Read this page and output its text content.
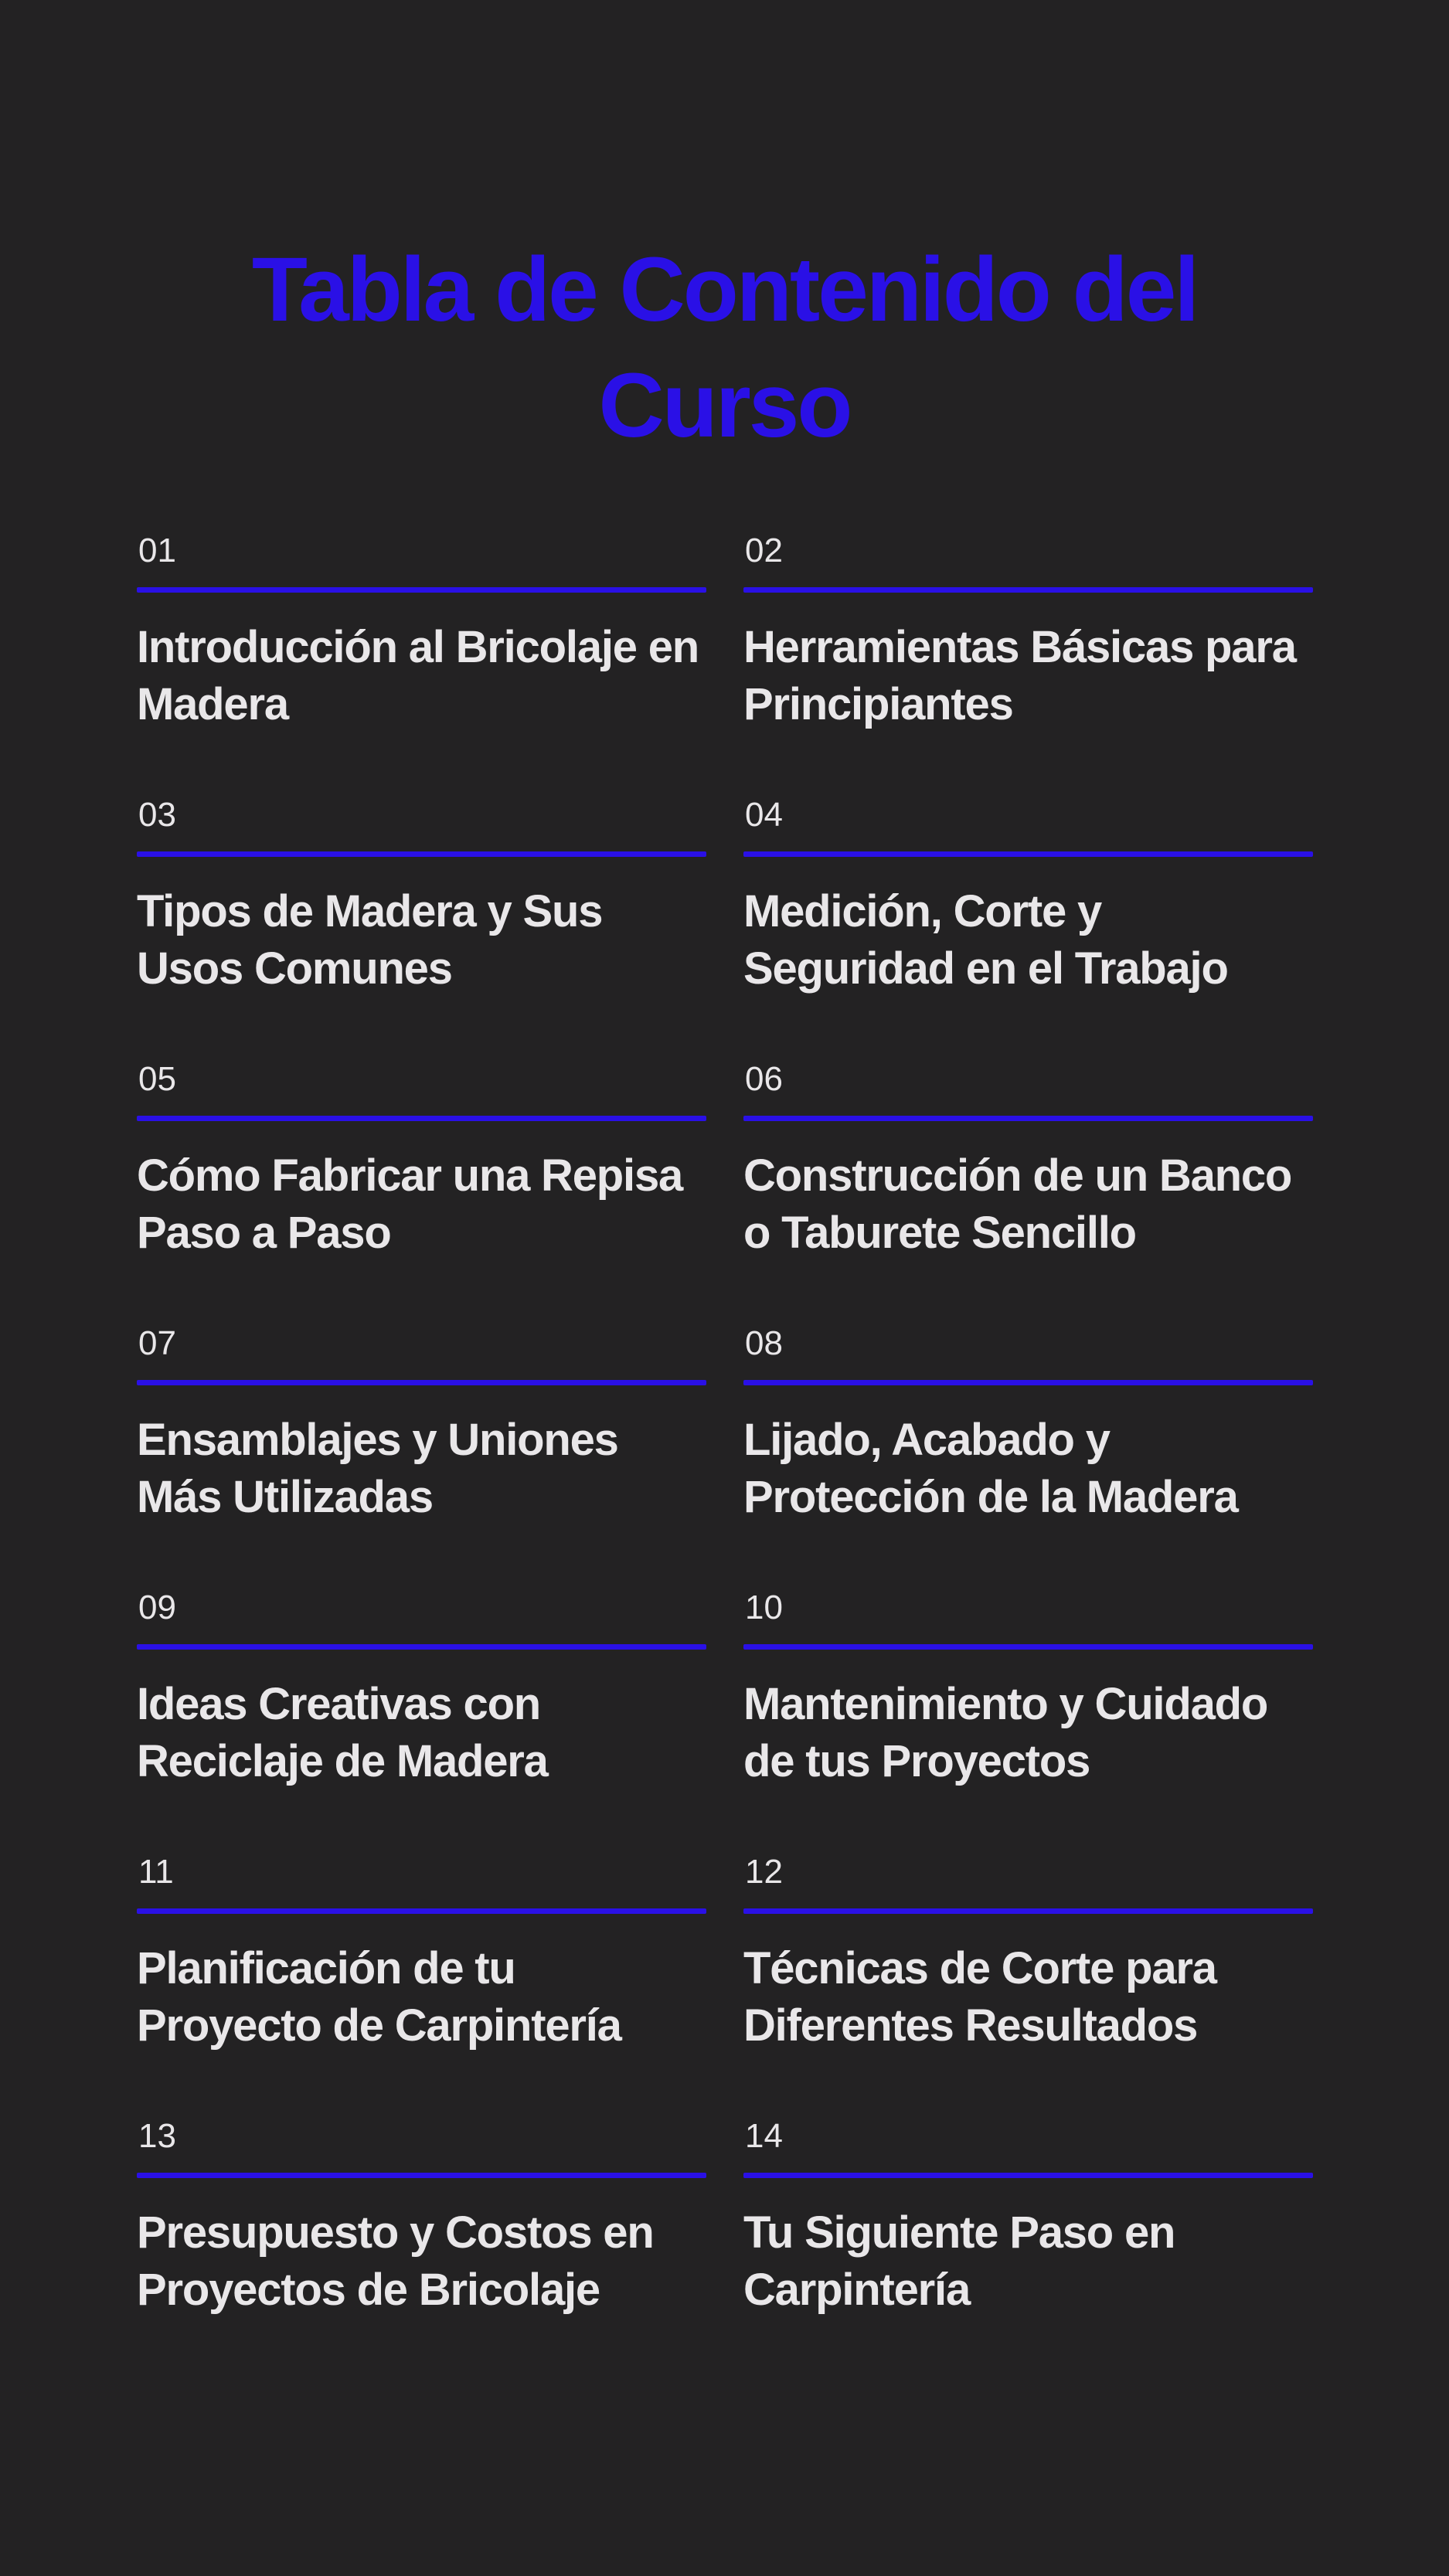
Tabla de Contenido del Curso
01
Introducción al Bricolaje en Madera
02
Herramientas Básicas para Principiantes
03
Tipos de Madera y Sus Usos Comunes
04
Medición, Corte y Seguridad en el Trabajo
05
Cómo Fabricar una Repisa Paso a Paso
06
Construcción de un Banco o Taburete Sencillo
07
Ensamblajes y Uniones Más Utilizadas
08
Lijado, Acabado y Protección de la Madera
09
Ideas Creativas con Reciclaje de Madera
10
Mantenimiento y Cuidado de tus Proyectos
11
Planificación de tu Proyecto de Carpintería
12
Técnicas de Corte para Diferentes Resultados
13
Presupuesto y Costos en Proyectos de Bricolaje
14
Tu Siguiente Paso en Carpintería
